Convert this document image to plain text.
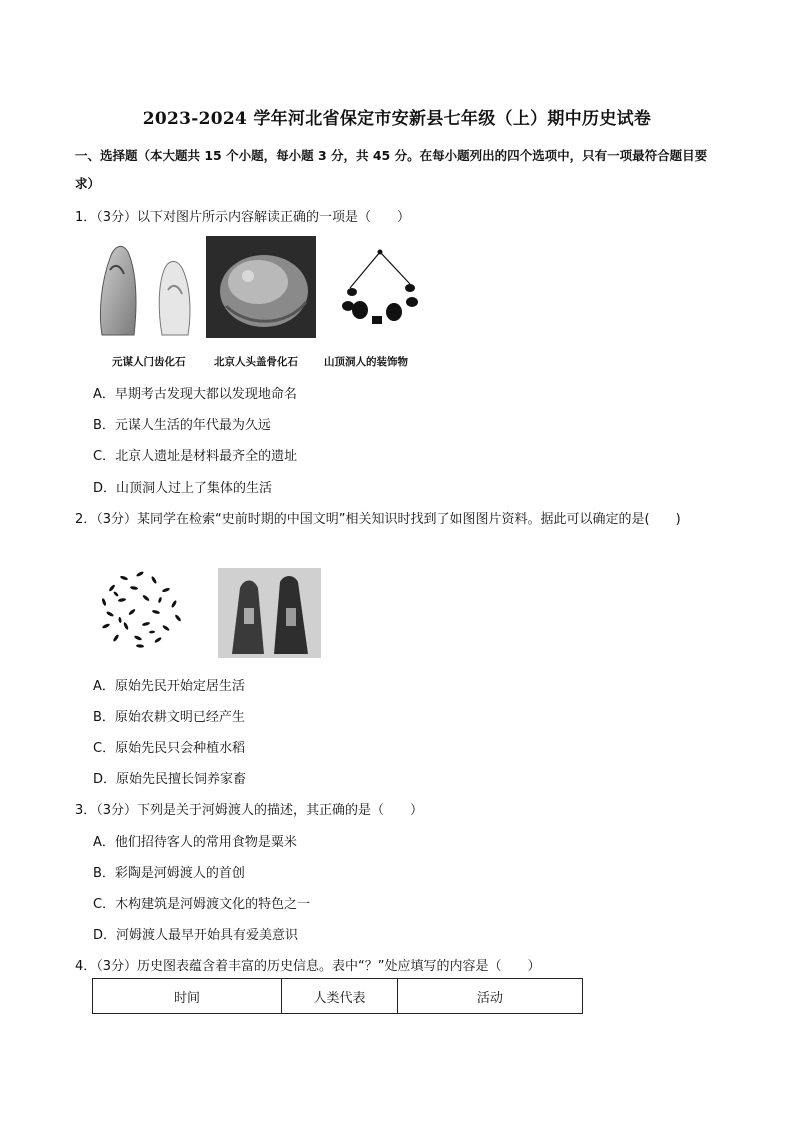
2023-2024 学年河北省保定市安新县七年级（上）期中历史试卷
一、选择题（本大题共 15 个小题，每小题 3 分，共 45 分。在每小题列出的四个选项中，只有一项最符合题目要求）
1．（3分）以下对图片所示内容解读正确的一项是（　　）
元谋人门齿化石	北京人头盖骨化石 山顶洞人的装饰物
A．早期考古发现大都以发现地命名
B．元谋人生活的年代最为久远
C．北京人遗址是材料最齐全的遗址
D．山顶洞人过上了集体的生活
2．（3分）某同学在检索“史前时期的中国文明”相关知识时找到了如图图片资料。据此可以确定的是(　　)
A．原始先民开始定居生活
B．原始农耕文明已经产生
C．原始先民只会种植水稻
D．原始先民擅长饲养家畜
3．（3分）下列是关于河姆渡人的描述，其正确的是（　　）
A．他们招待客人的常用食物是粟米
B．彩陶是河姆渡人的首创
C．木构建筑是河姆渡文化的特色之一
D．河姆渡人最早开始具有爱美意识
4．（3分）历史图表蕴含着丰富的历史信息。表中“？”处应填写的内容是（　　）
时间	人类代表	活动
